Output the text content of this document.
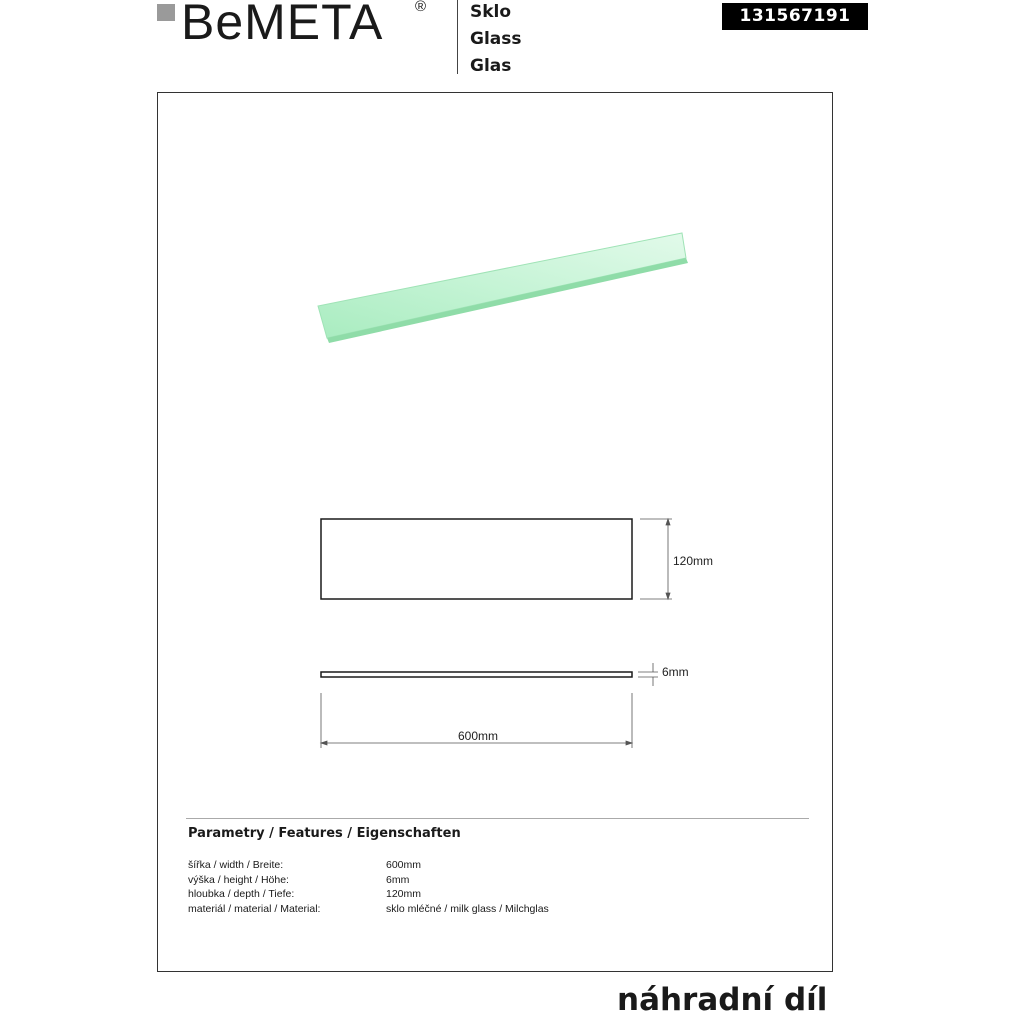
BeMETA ®	Sklo
Glass
Glas
131567191
120mm
6mm
600mm
Parametry / Features / Eigenschaften
šířka / width / Breite:	600mm
výška / height / Höhe:	6mm
hloubka / depth / Tiefe:	120mm
materiál / material / Material:	sklo mléčné / milk glass / Milchglas
náhradní díl
